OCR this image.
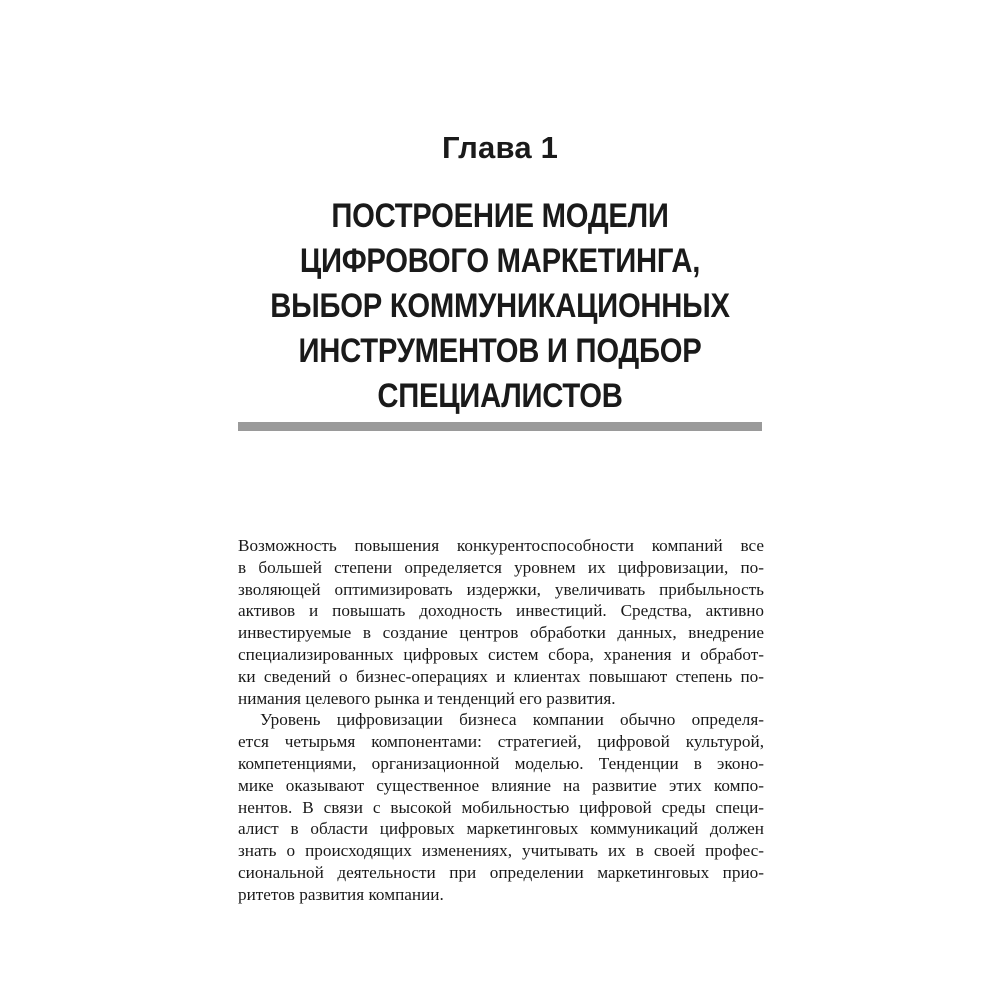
Глава 1
ПОСТРОЕНИЕ МОДЕЛИ
ЦИФРОВОГО МАРКЕТИНГА,
ВЫБОР КОММУНИКАЦИОННЫХ
ИНСТРУМЕНТОВ И ПОДБОР
СПЕЦИАЛИСТОВ
Возможность повышения конкурентоспособности компаний все
в большей степени определяется уровнем их цифровизации, по-
зволяющей оптимизировать издержки, увеличивать прибыльность
активов и повышать доходность инвестиций. Средства, активно
инвестируемые в создание центров обработки данных, внедрение
специализированных цифровых систем сбора, хранения и обработ-
ки сведений о бизнес-операциях и клиентах повышают степень по-
нимания целевого рынка и тенденций его развития.
Уровень цифровизации бизнеса компании обычно определя-
ется четырьмя компонентами: стратегией, цифровой культурой,
компетенциями, организационной моделью. Тенденции в эконо-
мике оказывают существенное влияние на развитие этих компо-
нентов. В связи с высокой мобильностью цифровой среды специ-
алист в области цифровых маркетинговых коммуникаций должен
знать о происходящих изменениях, учитывать их в своей профес-
сиональной деятельности при определении маркетинговых прио-
ритетов развития компании.
